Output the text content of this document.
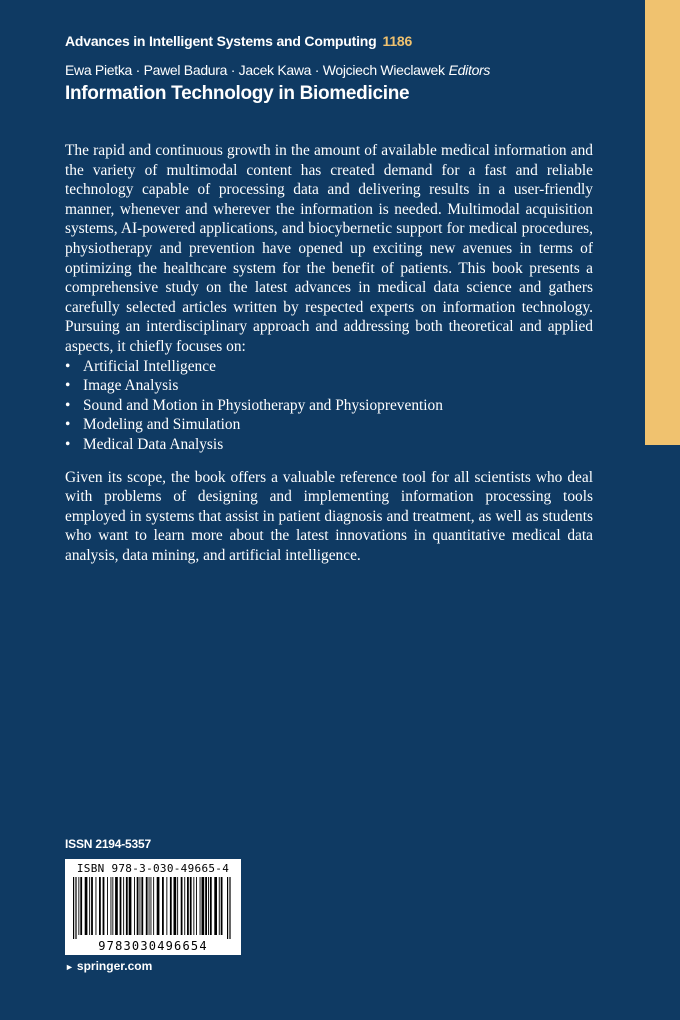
Advances in Intelligent Systems and Computing 1186
Ewa Pietka · Pawel Badura · Jacek Kawa · Wojciech Wieclawek Editors
Information Technology in Biomedicine

The rapid and continuous growth in the amount of available medical information and the variety of multimodal content has created demand for a fast and reliable technology capable of processing data and delivering results in a user-friendly manner, whenever and wherever the information is needed. Multimodal acquisition systems, AI-powered applications, and biocybernetic support for medical procedures, physiotherapy and prevention have opened up exciting new avenues in terms of optimizing the healthcare system for the benefit of patients. This book presents a comprehensive study on the latest advances in medical data science and gathers carefully selected articles written by respected experts on information technology. Pursuing an interdisciplinary approach and addressing both theoretical and applied aspects, it chiefly focuses on:

• Artificial Intelligence
• Image Analysis
• Sound and Motion in Physiotherapy and Physioprevention
• Modeling and Simulation
• Medical Data Analysis

Given its scope, the book offers a valuable reference tool for all scientists who deal with problems of designing and implementing information processing tools employed in systems that assist in patient diagnosis and treatment, as well as students who want to learn more about the latest innovations in quantitative medical data analysis, data mining, and artificial intelligence.

ISSN 2194-5357
ISBN 978-3-030-49665-4
9783030496654
► springer.com
